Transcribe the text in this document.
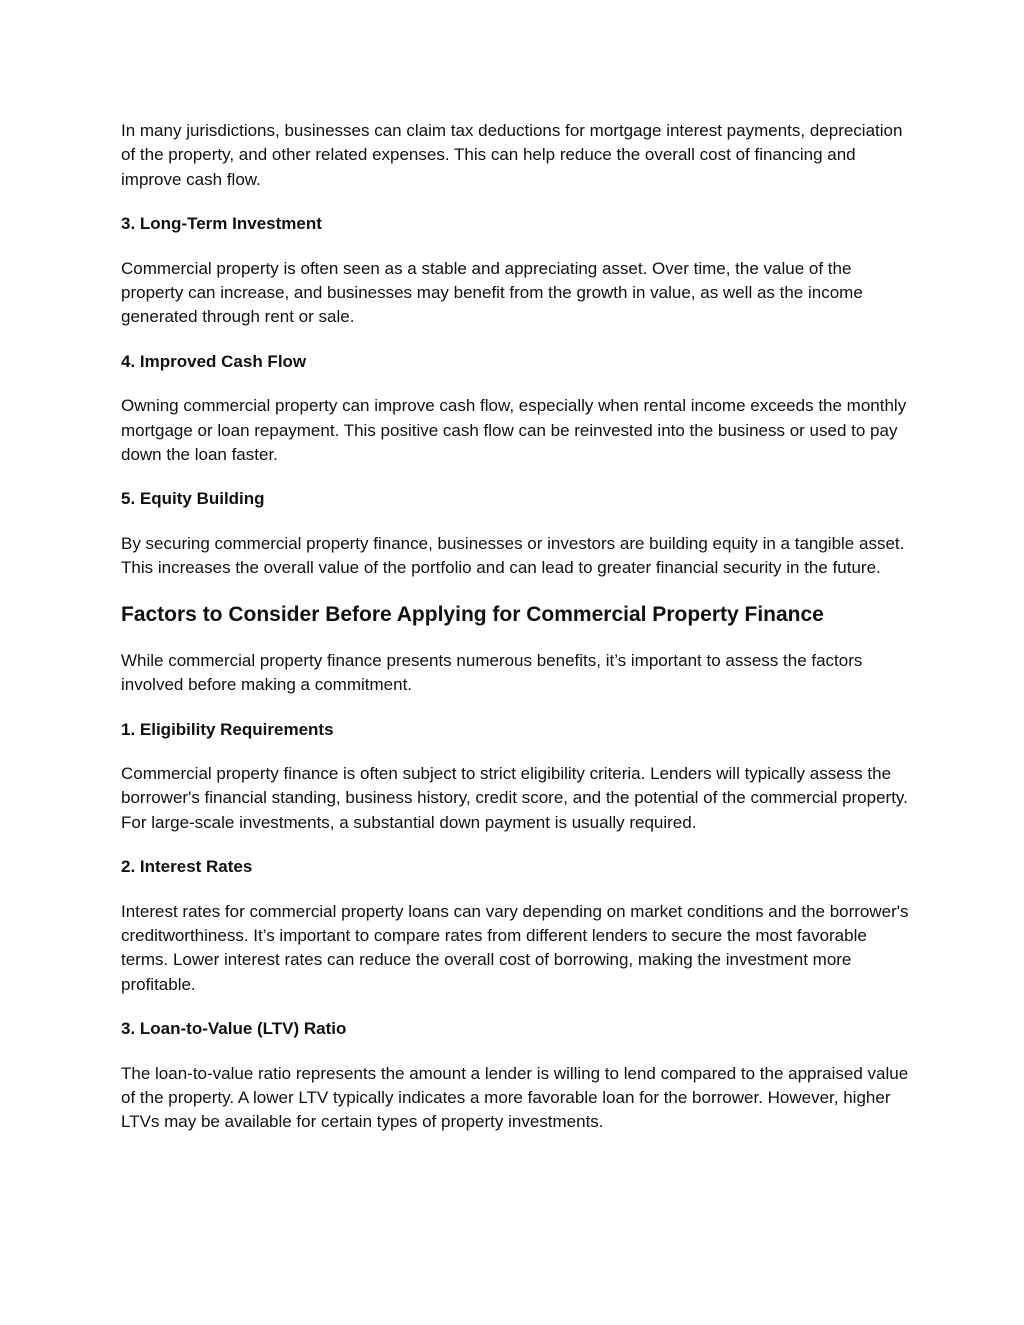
In many jurisdictions, businesses can claim tax deductions for mortgage interest payments, depreciation of the property, and other related expenses. This can help reduce the overall cost of financing and improve cash flow.

3. Long-Term Investment

Commercial property is often seen as a stable and appreciating asset. Over time, the value of the property can increase, and businesses may benefit from the growth in value, as well as the income generated through rent or sale.

4. Improved Cash Flow

Owning commercial property can improve cash flow, especially when rental income exceeds the monthly mortgage or loan repayment. This positive cash flow can be reinvested into the business or used to pay down the loan faster.

5. Equity Building

By securing commercial property finance, businesses or investors are building equity in a tangible asset. This increases the overall value of the portfolio and can lead to greater financial security in the future.

Factors to Consider Before Applying for Commercial Property Finance

While commercial property finance presents numerous benefits, it’s important to assess the factors involved before making a commitment.

1. Eligibility Requirements

Commercial property finance is often subject to strict eligibility criteria. Lenders will typically assess the borrower's financial standing, business history, credit score, and the potential of the commercial property. For large-scale investments, a substantial down payment is usually required.

2. Interest Rates

Interest rates for commercial property loans can vary depending on market conditions and the borrower's creditworthiness. It’s important to compare rates from different lenders to secure the most favorable terms. Lower interest rates can reduce the overall cost of borrowing, making the investment more profitable.

3. Loan-to-Value (LTV) Ratio

The loan-to-value ratio represents the amount a lender is willing to lend compared to the appraised value of the property. A lower LTV typically indicates a more favorable loan for the borrower. However, higher LTVs may be available for certain types of property investments.
